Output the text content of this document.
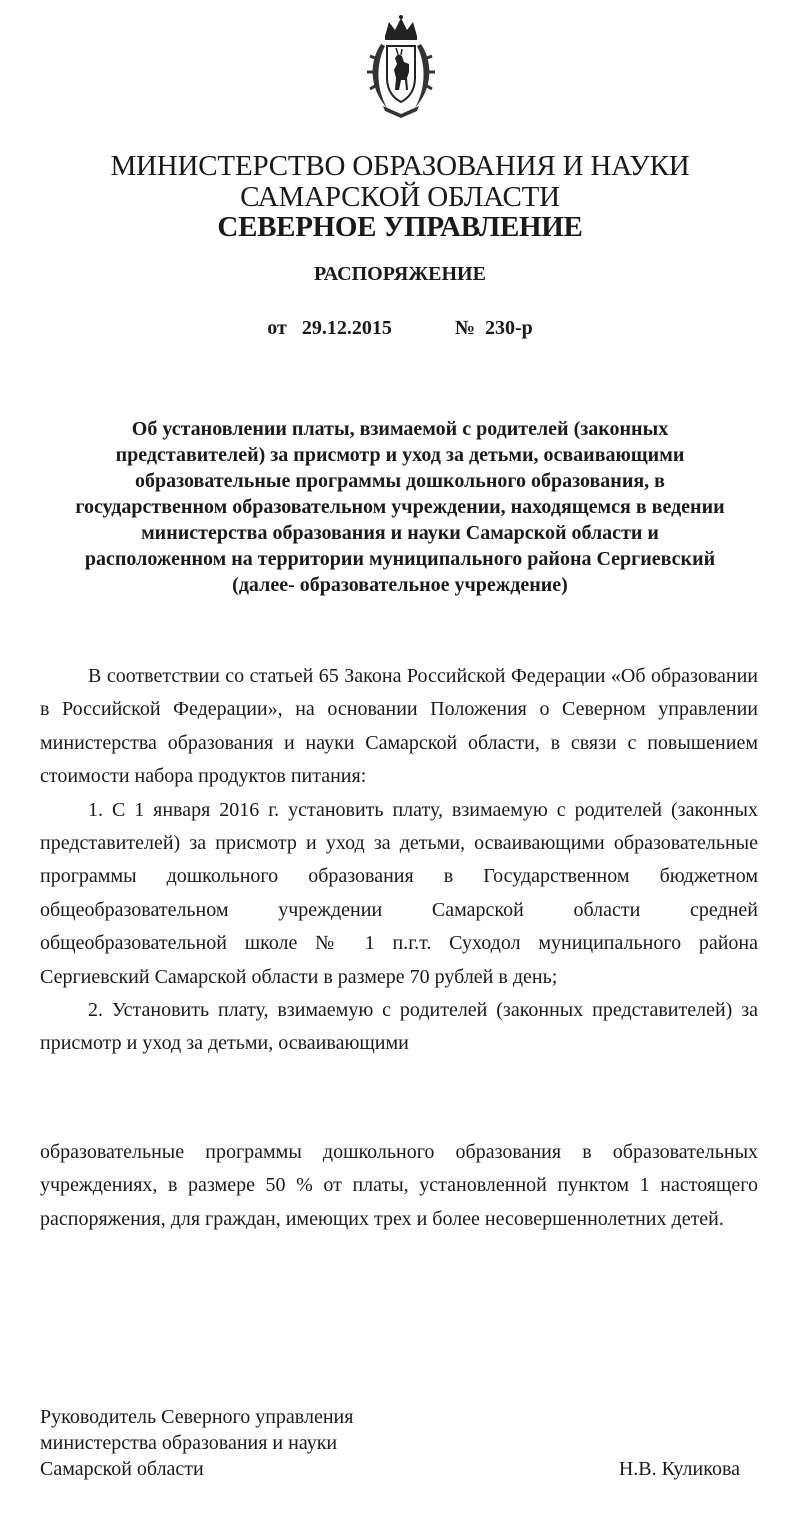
МИНИСТЕРСТВО ОБРАЗОВАНИЯ И НАУКИ
САМАРСКОЙ ОБЛАСТИ
СЕВЕРНОЕ УПРАВЛЕНИЕ
РАСПОРЯЖЕНИЕ
от 29.12.2015	№ 230-р
Об установлении платы, взимаемой с родителей (законных
представителей) за присмотр и уход за детьми, осваивающими
образовательные программы дошкольного образования, в
государственном образовательном учреждении, находящемся в ведении
министерства образования и науки Самарской области и
расположенном на территории муниципального района Сергиевский
(далее- образовательное учреждение)

В соответствии со статьей 65 Закона Российской Федерации «Об образовании в Российской Федерации», на основании Положения о Северном управлении министерства образования и науки Самарской области, в связи с повышением стоимости набора продуктов питания:

1. С 1 января 2016 г. установить плату, взимаемую с родителей (законных представителей) за присмотр и уход за детьми, осваивающими образовательные программы дошкольного образования в Государственном бюджетном общеобразовательном учреждении Самарской области средней общеобразовательной школе № 1 п.г.т. Суходол муниципального района Сергиевский Самарской области в размере 70 рублей в день;

2. Установить плату, взимаемую с родителей (законных представителей) за присмотр и уход за детьми, осваивающими

образовательные программы дошкольного образования в образовательных учреждениях, в размере 50 % от платы, установленной пунктом 1 настоящего распоряжения, для граждан, имеющих трех и более несовершеннолетних детей.

Руководитель Северного управления
министерства образования и науки
Самарской области	Н.В. Куликова
